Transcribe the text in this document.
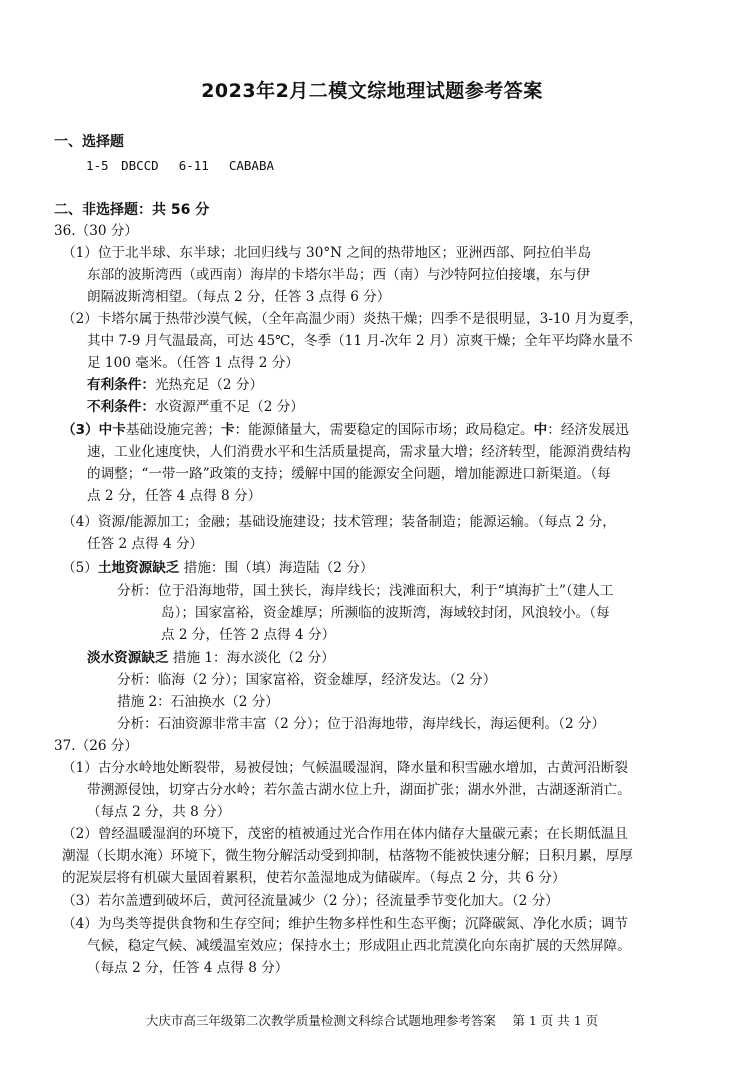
2023年2月二模文综地理试题参考答案
一、选择题
1-5　DBCCD　 6-11　 CABABA
二、非选择题：共 56 分
36.（30 分）
（1）位于北半球、东半球；北回归线与 30°N 之间的热带地区；亚洲西部、阿拉伯半岛
东部的波斯湾西（或西南）海岸的卡塔尔半岛；西（南）与沙特阿拉伯接壤，东与伊
朗隔波斯湾相望。（每点 2 分，任答 3 点得 6 分）
（2）卡塔尔属于热带沙漠气候，（全年高温少雨）炎热干燥；四季不是很明显，3-10 月为夏季，
其中 7-9 月气温最高，可达 45℃，冬季（11 月-次年 2 月）凉爽干燥；全年平均降水量不
足 100 毫米。（任答 1 点得 2 分）
有利条件：光热充足（2 分）
不利条件：水资源严重不足（2 分）
（3）中卡基础设施完善；卡：能源储量大，需要稳定的国际市场；政局稳定。中：经济发展迅
速，工业化速度快，人们消费水平和生活质量提高，需求量大增；经济转型，能源消费结构
的调整；“一带一路”政策的支持；缓解中国的能源安全问题，增加能源进口新渠道。（每
点 2 分，任答 4 点得 8 分）
（4）资源/能源加工；金融；基础设施建设；技术管理；装备制造；能源运输。（每点 2 分，
任答 2 点得 4 分）
（5）土地资源缺乏 措施：围（填）海造陆（2 分）
分析：位于沿海地带，国土狭长，海岸线长；浅滩面积大，利于“填海扩土”（建人工
岛）；国家富裕，资金雄厚；所濒临的波斯湾，海域较封闭，风浪较小。（每
点 2 分，任答 2 点得 4 分）
淡水资源缺乏 措施 1：海水淡化（2 分）
分析：临海（2 分）；国家富裕，资金雄厚，经济发达。（2 分）
措施 2：石油换水（2 分）
分析：石油资源非常丰富（2 分）；位于沿海地带，海岸线长，海运便利。（2 分）
37.（26 分）
（1）古分水岭地处断裂带，易被侵蚀；气候温暖湿润，降水量和积雪融水增加，古黄河沿断裂
带溯源侵蚀，切穿古分水岭；若尔盖古湖水位上升，湖面扩张；湖水外泄，古湖逐渐消亡。
（每点 2 分，共 8 分）
（2）曾经温暖湿润的环境下，茂密的植被通过光合作用在体内储存大量碳元素；在长期低温且
潮湿（长期水淹）环境下，微生物分解活动受到抑制，枯落物不能被快速分解；日积月累，厚厚
的泥炭层将有机碳大量固着累积，使若尔盖湿地成为储碳库。（每点 2 分，共 6 分）
（3）若尔盖遭到破坏后，黄河径流量减少（2 分）；径流量季节变化加大。（2 分）
（4）为鸟类等提供食物和生存空间；维护生物多样性和生态平衡；沉降碳氮、净化水质；调节
气候，稳定气候、减缓温室效应；保持水土；形成阻止西北荒漠化向东南扩展的天然屏障。
（每点 2 分，任答 4 点得 8 分）
大庆市高三年级第二次教学质量检测文科综合试题地理参考答案　 第 1 页 共 1 页
